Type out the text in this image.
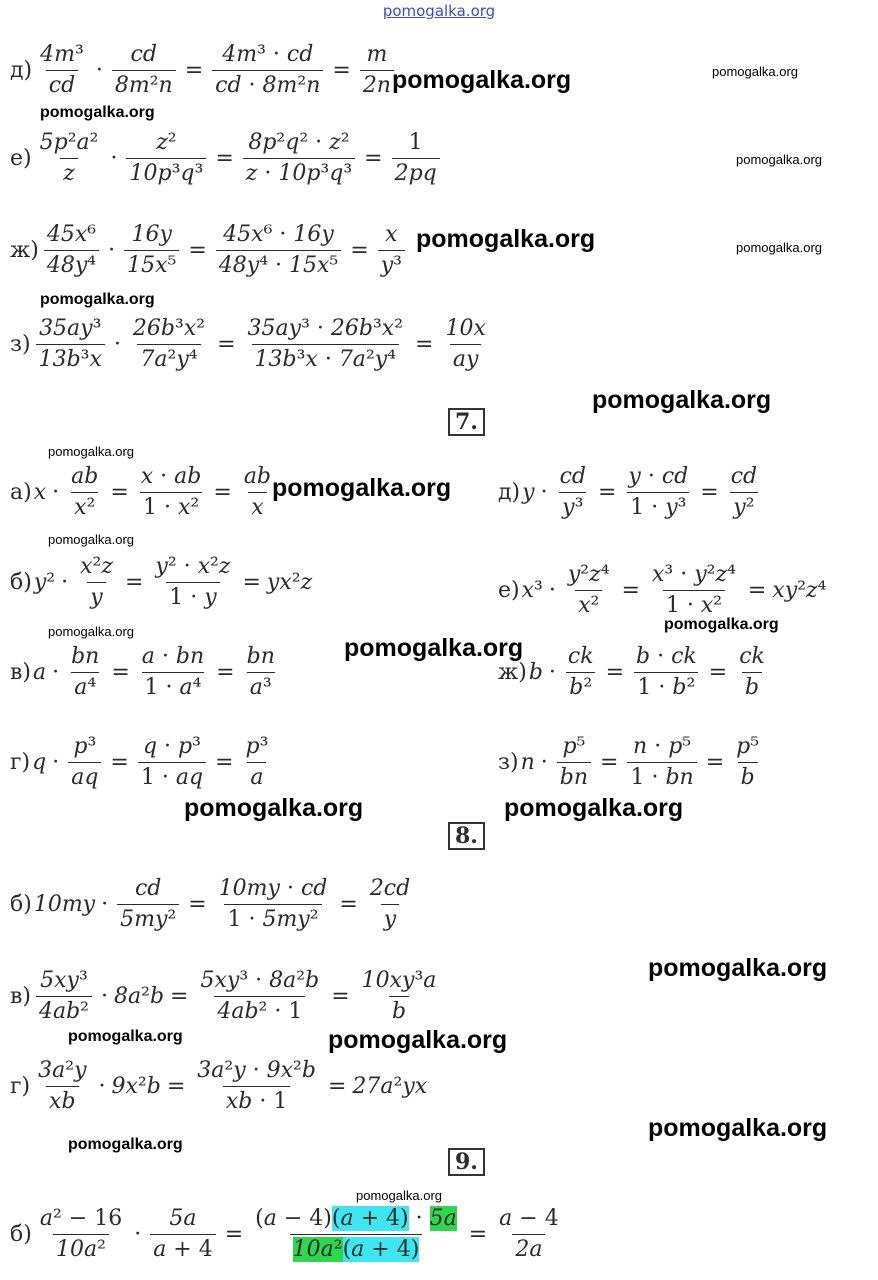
pomogalka.org
$д) \frac{\text{4m³}}{cd} \cdot \frac{cd}{\text{8m²n}} = \frac{\text{4m³ · cd}}{\text{cd · 8m²n}} = \frac{m}{2n}$
pomogalka.org	pomogalka.org
pomogalka.org
$е) \frac{\text{5p²a²}}{z} \cdot \frac{\text{z²}}{\text{10p³q³}} = \frac{\text{8p²q² · z²}}{\text{z · 10p³q³}} = \frac{1}{2pq}$	pomogalka.org
$ж) \frac{\text{45x⁶}}{\text{48y⁴}} \cdot \frac{16y}{\text{15x⁵}} = \frac{\text{45x⁶ · 16y}}{\text{48y⁴ · 15x⁵}} = \frac{x}{\text{y³}}$ pomogalka.org	pomogalka.org
pomogalka.org
$з) \frac{\text{35ay³}}{\text{13b³x}} \cdot \frac{\text{26b³x²}}{\text{7a²y⁴}} = \frac{\text{35ay³ · 26b³x²}}{\text{13b³x · 7a²y⁴}} = \frac{10x}{ay}$
pomogalka.org
7.
pomogalka.org
а) $x \cdot \frac{ab}{\text{x²}} = \frac{x \cdot ab}{\text{1 · x²}} = \frac{ab}{x}$
pomogalka.org д) $y \cdot \frac{cd}{\text{y³}} = \frac{y \cdot cd}{\text{1 · y³}} = \frac{cd}{\text{y²}}$
pomogalka.org
б) y $^2 \cdot \frac{\text{x²z}}{y} = \frac{\text{y² · x²z}}{1 \cdot y}$ = yx ² z	е) x $^3 \cdot \frac{\text{y²z⁴}}{\text{x²}} = \frac{\text{x³ · y²z⁴}}{\text{1 · x²}}$ = xy ² z ⁴
pomogalka.org
pomogalka.org
pomogalka.org
в) $a \cdot \frac{bn}{\text{a⁴}} = \frac{a \cdot bn}{\text{1 · a⁴}} = \frac{bn}{\text{a³}}$	ж) $b \cdot \frac{ck}{\text{b²}} = \frac{b \cdot ck}{\text{1 · b²}} = \frac{ck}{b}$
г) $q \cdot \frac{\text{p³}}{aq} = \frac{\text{q · p³}}{1 \cdot aq} = \frac{\text{p³}}{a}$	з) $n \cdot \frac{\text{p⁵}}{bn} = \frac{\text{n · p⁵}}{1 \cdot bn} = \frac{\text{p⁵}}{b}$
pomogalka.org	pomogalka.org
8.
б) $10my \cdot \frac{cd}{\text{5my²}} = \frac{10my \cdot cd}{\text{1 · 5my²}} = \frac{2cd}{y}$
pomogalka.org
$в) \frac{\text{5xy³}}{\text{4ab²}} \cdot 8a$ ² $b = \frac{\text{5xy³ · 8a²b}}{\text{4ab² · 1}} = \frac{\text{10xy³a}}{b}$
pomogalka.org	pomogalka.org
$г) \frac{\text{3a²y}}{xb} \cdot 9x$ ² $b = \frac{\text{3a²y · 9x²b}}{xb \cdot 1} = 27a$ ² yx
pomogalka.org
pomogalka.org
9.
pomogalka.org
$б) \frac{\text{a² − 16}}{\text{10a²}} \cdot \frac{5a}{a + 4} = \frac{(a - 4)(a + 4) \cdot 5a}{\text{10a²(a + 4)}} = \frac{a - 4}{2a}$
